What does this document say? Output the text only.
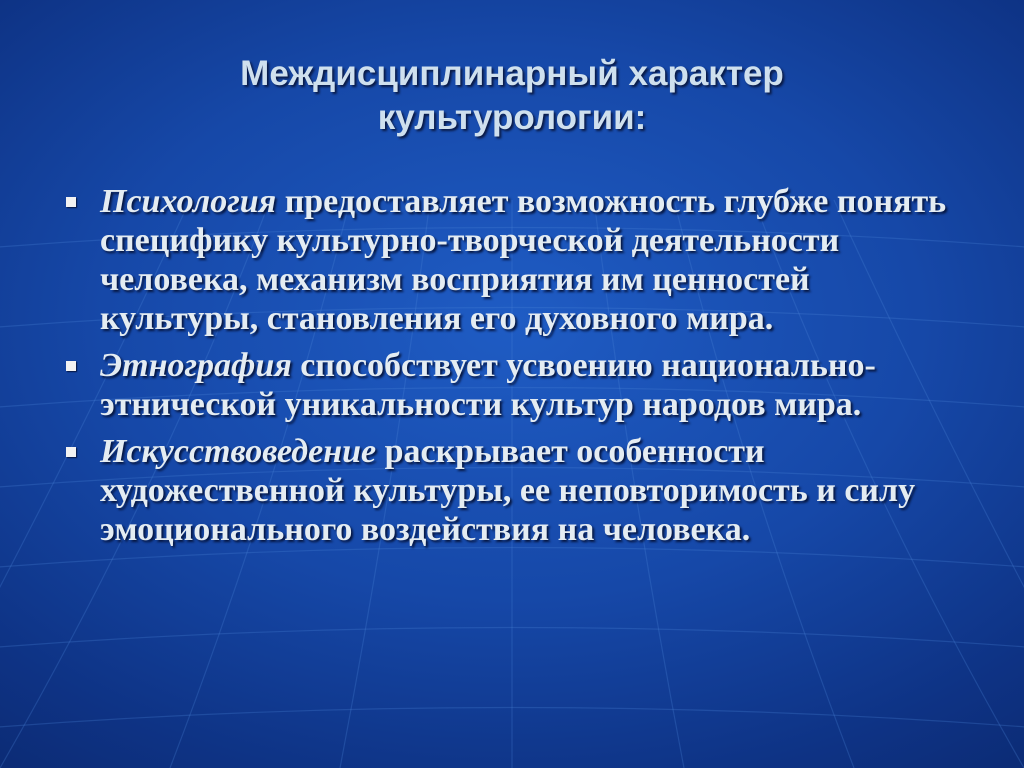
Междисциплинарный характер
культурологии:
Психология предоставляет возможность глубже понять специфику культурно-творческой деятельности человека, механизм восприятия им ценностей культуры, становления его духовного мира.
Этнография способствует усвоению национально-этнической уникальности культур народов мира.
Искусствоведение раскрывает особенности художественной культуры, ее неповторимость и силу эмоционального воздействия на человека.
